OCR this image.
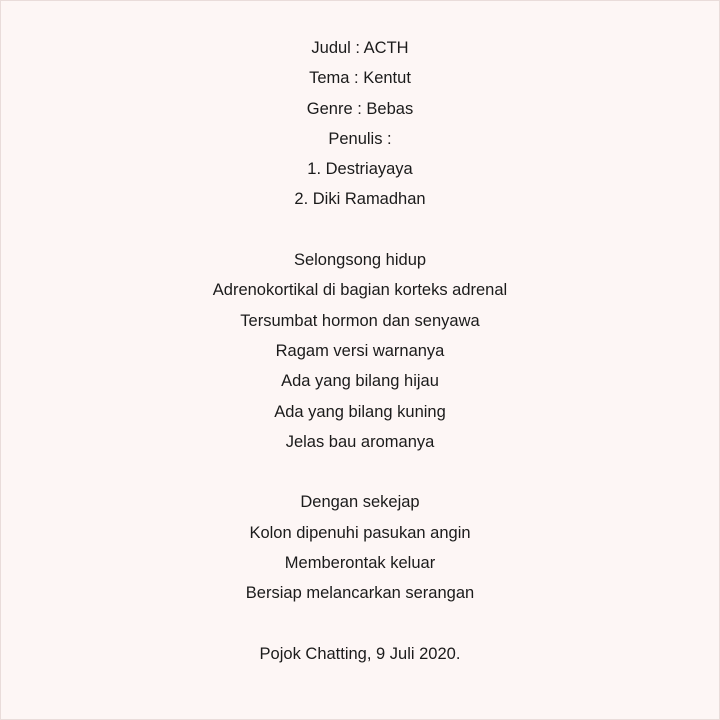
Judul : ACTH
Tema : Kentut
Genre : Bebas
Penulis :
1. Destriayaya
2. Diki Ramadhan
Selongsong hidup
Adrenokortikal di bagian korteks adrenal
Tersumbat hormon dan senyawa
Ragam versi warnanya
Ada yang bilang hijau
Ada yang bilang kuning
Jelas bau aromanya
Dengan sekejap
Kolon dipenuhi pasukan angin
Memberontak keluar
Bersiap melancarkan serangan
Pojok Chatting, 9 Juli 2020.
